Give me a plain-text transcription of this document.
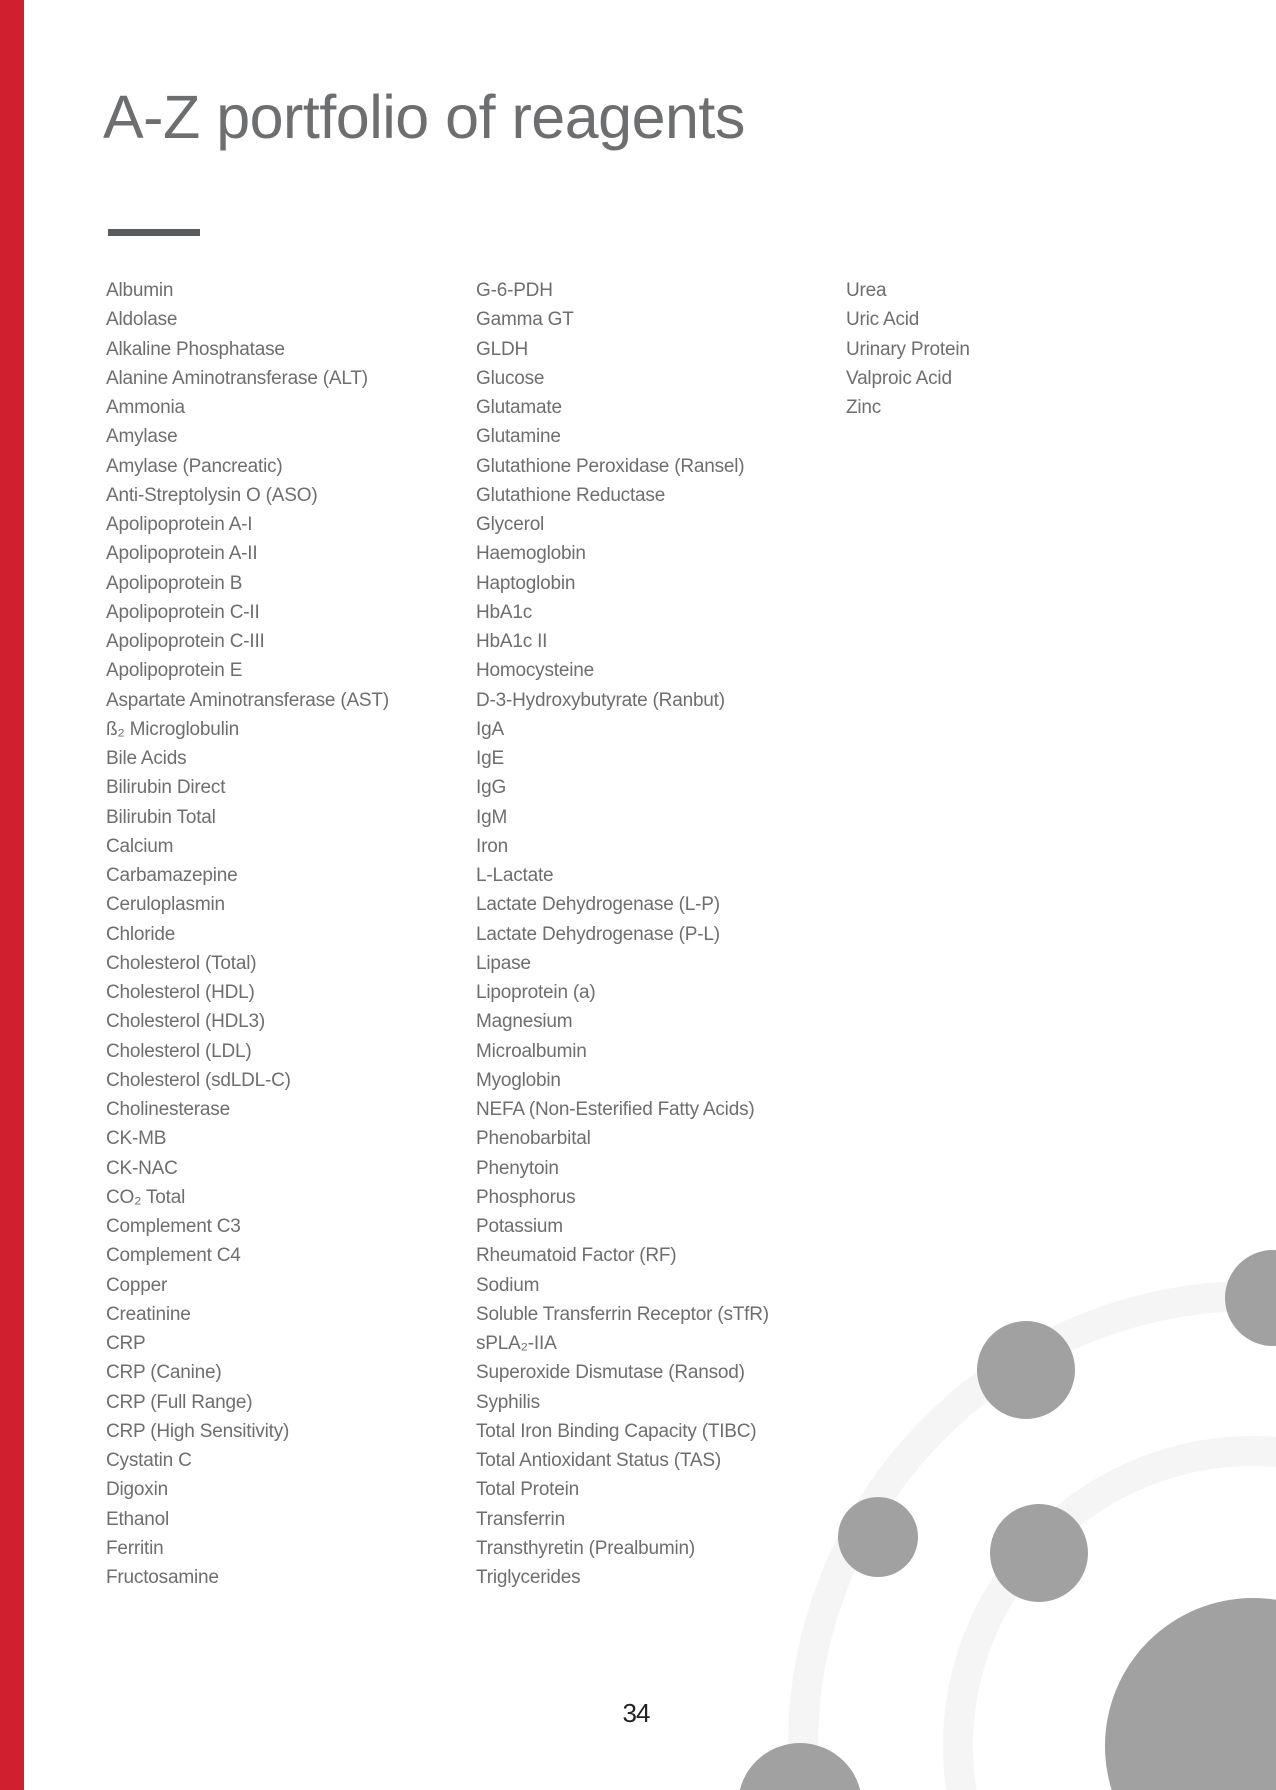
A-Z portfolio of reagents
Albumin
Aldolase
Alkaline Phosphatase
Alanine Aminotransferase (ALT)
Ammonia
Amylase
Amylase (Pancreatic)
Anti-Streptolysin O (ASO)
Apolipoprotein A-I
Apolipoprotein A-II
Apolipoprotein B
Apolipoprotein C-II
Apolipoprotein C-III
Apolipoprotein E
Aspartate Aminotransferase (AST)
ß₂ Microglobulin
Bile Acids
Bilirubin Direct
Bilirubin Total
Calcium
Carbamazepine
Ceruloplasmin
Chloride
Cholesterol (Total)
Cholesterol (HDL)
Cholesterol (HDL3)
Cholesterol (LDL)
Cholesterol (sdLDL-C)
Cholinesterase
CK-MB
CK-NAC
CO₂ Total
Complement C3
Complement C4
Copper
Creatinine
CRP
CRP (Canine)
CRP (Full Range)
CRP (High Sensitivity)
Cystatin C
Digoxin
Ethanol
Ferritin
Fructosamine
G-6-PDH
Gamma GT
GLDH
Glucose
Glutamate
Glutamine
Glutathione Peroxidase (Ransel)
Glutathione Reductase
Glycerol
Haemoglobin
Haptoglobin
HbA1c
HbA1c II
Homocysteine
D-3-Hydroxybutyrate (Ranbut)
IgA
IgE
IgG
IgM
Iron
L-Lactate
Lactate Dehydrogenase (L-P)
Lactate Dehydrogenase (P-L)
Lipase
Lipoprotein (a)
Magnesium
Microalbumin
Myoglobin
NEFA (Non-Esterified Fatty Acids)
Phenobarbital
Phenytoin
Phosphorus
Potassium
Rheumatoid Factor (RF)
Sodium
Soluble Transferrin Receptor (sTfR)
sPLA₂-IIA
Superoxide Dismutase (Ransod)
Syphilis
Total Iron Binding Capacity (TIBC)
Total Antioxidant Status (TAS)
Total Protein
Transferrin
Transthyretin (Prealbumin)
Triglycerides
Urea
Uric Acid
Urinary Protein
Valproic Acid
Zinc
34
